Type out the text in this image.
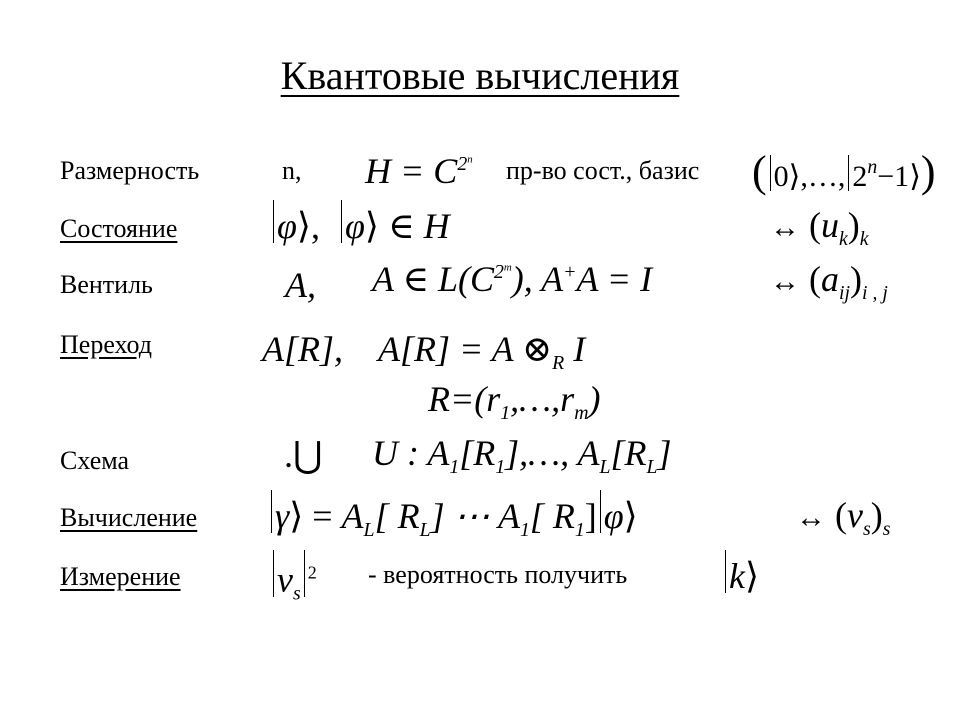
Квантовые вычисления
Размерность	n, $H = C^{2^n}$ пр-во сост., базис ( 0⟩,…, $2^n-1⟩$)
Состояние	φ⟩, φ⟩ ∈ H	↔ $(u_k)_k$
Вентиль	A, A ∈ $L(C^{2^m})$, A+A = I	↔ $(a_{ij})_{i , j}$
Переход	A[R], A[R] = A $\otimes_R$ I
$R=(r_1,\dots,r_m)$
Схема	.⋃ U : $A_1[R_1],\dots$, $A_L[R_L]$
Вычисление γ⟩ = $A_L$[ $R_L$] ⋯ $A_1$[ $R_1$] φ⟩	↔ $(v_s)_s$
Измерение	$v_s^2$ - вероятность получить	k⟩
